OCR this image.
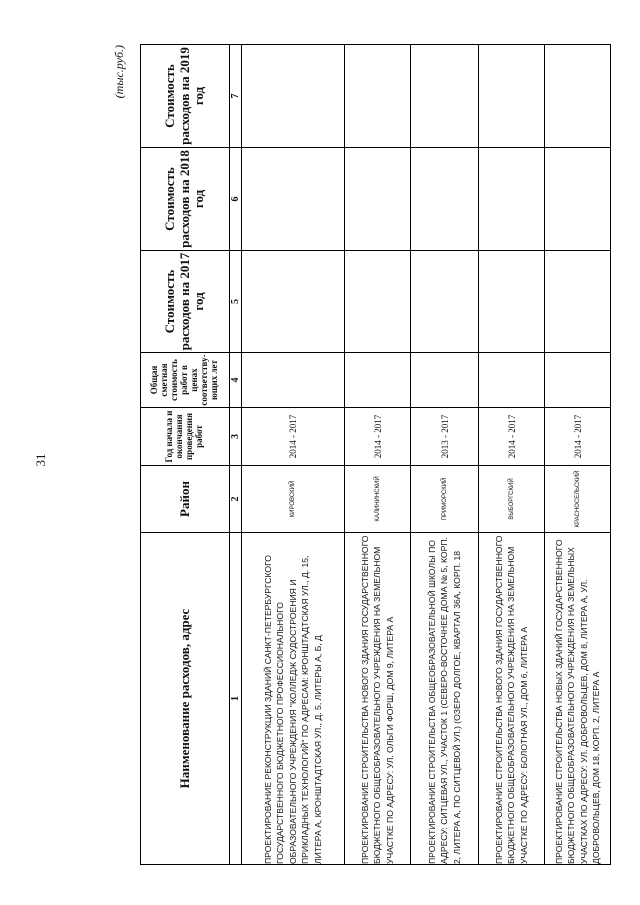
31
(тыс.руб.)
Наименование расходов, адрес	Район	Год начала и окончания проведения работ	Общая сметная стоимость работ в ценах соответству-ющих лет	Стоимость расходов на 2017 год	Стоимость расходов на 2018 год	Стоимость расходов на 2019 год
1	2	3	4	5	6	7
ПРОЕКТИРОВАНИЕ РЕКОНСТРУКЦИИ ЗДАНИЙ САНКТ-ПЕТЕРБУРГСКОГО ГОСУДАРСТВЕННОГО БЮДЖЕТНОГО ПРОФЕССИОНАЛЬНОГО ОБРАЗОВАТЕЛЬНОГО УЧРЕЖДЕНИЯ "КОЛЛЕДЖ СУДОСТРОЕНИЯ И ПРИКЛАДНЫХ ТЕХНОЛОГИЙ" ПО АДРЕСАМ: КРОНШТАДТСКАЯ УЛ., Д. 15, ЛИТЕРА А, КРОНШТАДТСКАЯ УЛ., Д. 5, ЛИТЕРЫ А, Б, Д	КИРОВСКИЙ	2014 - 2017				
ПРОЕКТИРОВАНИЕ СТРОИТЕЛЬСТВА НОВОГО ЗДАНИЯ ГОСУДАРСТВЕННОГО БЮДЖЕТНОГО ОБЩЕОБРАЗОВАТЕЛЬНОГО УЧРЕЖДЕНИЯ НА ЗЕМЕЛЬНОМ УЧАСТКЕ ПО АДРЕСУ: УЛ. ОЛЬГИ ФОРШ, ДОМ 9, ЛИТЕРА А	КАЛИНИНСКИЙ	2014 - 2017				
ПРОЕКТИРОВАНИЕ СТРОИТЕЛЬСТВА ОБЩЕОБРАЗОВАТЕЛЬНОЙ ШКОЛЫ ПО АДРЕСУ: СИТЦЕВАЯ УЛ., УЧАСТОК 1 (СЕВЕРО-ВОСТОЧНЕЕ ДОМА № 5, КОРП. 2, ЛИТЕРА А, ПО СИТЦЕВОЙ УЛ.) (ОЗЕРО ДОЛГОЕ, КВАРТАЛ 36А, КОРП. 18	ПРИМОРСКИЙ	2013 - 2017				
ПРОЕКТИРОВАНИЕ СТРОИТЕЛЬСТВА НОВОГО ЗДАНИЯ ГОСУДАРСТВЕННОГО БЮДЖЕТНОГО ОБЩЕОБРАЗОВАТЕЛЬНОГО УЧРЕЖДЕНИЯ НА ЗЕМЕЛЬНОМ УЧАСТКЕ ПО АДРЕСУ: БОЛОТНАЯ УЛ., ДОМ 6, ЛИТЕРА А	ВЫБОРГСКИЙ	2014 - 2017				
ПРОЕКТИРОВАНИЕ СТРОИТЕЛЬСТВА НОВЫХ ЗДАНИЙ ГОСУДАРСТВЕННОГО БЮДЖЕТНОГО ОБЩЕОБРАЗОВАТЕЛЬНОГО УЧРЕЖДЕНИЯ НА ЗЕМЕЛЬНЫХ УЧАСТКАХ ПО АДРЕСУ: УЛ. ДОБРОВОЛЬЦЕВ, ДОМ 8, ЛИТЕРА А, УЛ. ДОБРОВОЛЬЦЕВ, ДОМ 18, КОРП. 2, ЛИТЕРА А	КРАСНОСЕЛЬСКИЙ	2014 - 2017				
